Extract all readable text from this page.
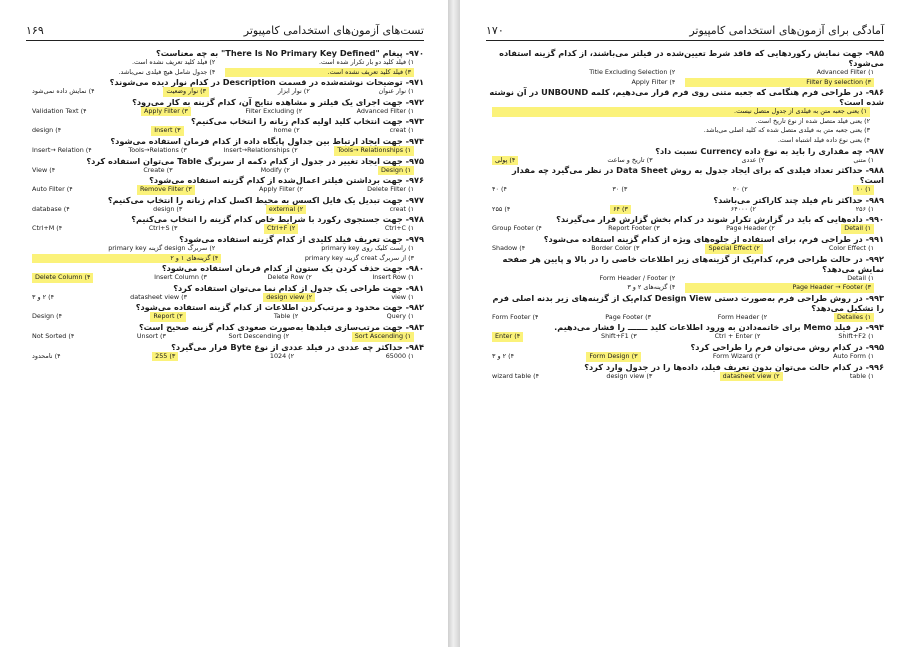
۱۶۹	تست‌های آزمون‌های استخدامی کامپیوتر

۹۷۰- پیغام "There Is No Primary Key Defined" به چه معناست؟

۱) فیلد کلید دو بار تکرار شده است.
۲) فیلد کلید تعریف نشده است.
۳) فیلد کلید تعریف نشده است.
۴) جدول شامل هیچ فیلدی نمی‌باشد.

۹۷۱- توضیحات نوشته‌شده در قسمت Description در کدام نوار دیده می‌شوند؟

۱) نوار عنوان
۲) نوار ابزار
۳) نوار وضعیت
۴) نمایش داده نمی‌شود

۹۷۲- جهت اجرای یک فیلتر و مشاهده نتایج آن، کدام گزینه به کار می‌رود؟

۱) Advanced Filter
۲) Filter Excluding
۳) Apply Filter
۴) Validation Text

۹۷۳- جهت انتخاب کلید اولیه کدام زبانه را انتخاب می‌کنیم؟

۱) creat
۲) home
۳) Insert
۴) design

۹۷۴- جهت ایجاد ارتباط بین جداول پایگاه داده از کدام فرمان استفاده می‌شود؟

۱) Tools→ Relationships
۲) Insert→Relationships
۳) Tools→Relations
۴) Insert→ Relation

۹۷۵- جهت ایجاد تغییر در جدول از کدام دکمه از سربرگ Table می‌توان استفاده کرد؟

۱) Design
۲) Modify
۳) Create
۴) View

۹۷۶- جهت برداشتن فیلتر اعمال‌شده از کدام گزینه استفاده می‌شود؟

۱) Delete Filter
۲) Apply Filter
۳) Remove Filter
۴) Auto Filter

۹۷۷- جهت تبدیل یک فایل اکسس به محیط اکسل کدام زبانه را انتخاب می‌کنیم؟

۱) creat
۲) external
۳) design
۴) database

۹۷۸- جهت جستجوی رکورد با شرایط خاص کدام گزینه را انتخاب می‌کنیم؟

۱) Ctrl+C
۲) Ctrl+F
۳) Ctrl+S
۴) Ctrl+M

۹۷۹- جهت تعریف فیلد کلیدی از کدام گزینه استفاده می‌شود؟

۱) راست کلیک روی primary key
۲) سربرگ design گزینه primary key
۳) از سربرگ creat گزینه primary key
۴) گزینه‌های ۱ و ۲

۹۸۰- جهت حذف کردن یک ستون از کدام فرمان استفاده می‌شود؟

۱) Insert Row
۲) Delete Row
۳) Insert Column
۴) Delete Column

۹۸۱- جهت طراحی یک جدول از کدام نما می‌توان استفاده کرد؟

۱) view
۲) design view
۳) datasheet view
۴) ۲ و ۳

۹۸۲- جهت محدود و مرتب‌کردن اطلاعات از کدام گزینه استفاده می‌شود؟

۱) Query
۲) Table
۳) Report
۴) Design

۹۸۳- جهت مرتب‌سازی فیلدها به‌صورت صعودی کدام گزینه صحیح است؟

۱) Sort Ascending
۲) Sort Descending
۳) Unsort
۴) Not Sorted

۹۸۴- حداکثر چه عددی در فیلد عددی از نوع Byte قرار می‌گیرد؟

۱) 65000
۲) 1024
۳) 255
۴) نامحدود
۱۷۰	آمادگی برای آزمون‌های استخدامی کامپیوتر

۹۸۵- جهت نمایش رکوردهایی که فاقد شرط تعیین‌شده در فیلتر می‌باشند، از کدام گزینه استفاده می‌شود؟

۱) Advanced Filter
۲) Title Excluding Selection
۳) Filter By selection
۴) Apply Filter

۹۸۶- در طراحی فرم هنگامی که جعبه متنی روی فرم قرار می‌دهیم، کلمه UNBOUND در آن نوشته شده است؟

۱) یعنی جعبه متن به فیلدی از جدول متصل نیست.
۲) یعنی فیلد متصل شده از نوع تاریخ است.
۳) یعنی جعبه متن به فیلدی متصل شده که کلید اصلی می‌باشد.
۴) یعنی نوع داده فیلد اشتباه است.

۹۸۷- چه مقداری را باید به نوع داده Currency نسبت داد؟

۱) متنی
۲) عددی
۳) تاریخ و ساعت
۴) پولی

۹۸۸- حداکثر تعداد فیلدی که برای ایجاد جدول به روش Data Sheet در نظر می‌گیرد چه مقدار است؟

۱) ۱۰
۲) ۲۰
۳) ۳۰
۴) ۴۰

۹۸۹- حداکثر نام فیلد چند کاراکتر می‌باشد؟

۱) ۲۵۶
۲) ۶۴۰۰۰
۳) ۶۴
۴) ۲۵۵

۹۹۰- داده‌هایی که باید در گزارش تکرار شوند در کدام بخش گزارش قرار می‌گیرند؟

۱) Detail
۲) Page Header
۳) Report Footer
۴) Group Footer

۹۹۱- در طراحی فرم، برای استفاده از جلوه‌های ویژه از کدام گزینه استفاده می‌شود؟

۱) Color Effect
۲) Special Effect
۳) Border Color
۴) Shadow

۹۹۲- در حالت طراحی فرم، کدام‌یک از گزینه‌های زیر اطلاعات خاصی را در بالا و پایین هر صفحه نمایش می‌دهد؟

۱) Detail
۲) Form Header / Footer
۳) Page Header → Footer
۴) گزینه‌های ۲ و ۳

۹۹۳- در روش طراحی فرم به‌صورت دستی Design View کدام‌یک از گزینه‌های زیر بدنه اصلی فرم را تشکیل می‌دهد؟

۱) Detailes
۲) Form Header
۳) Page Footer
۴) Form Footer

۹۹۴- در فیلد Memo برای خاتمه‌دادن به ورود اطلاعات کلید ـــــــ را فشار می‌دهیم.

۱) Shift+F2
۲) Ctrl + Enter
۳) Shift+F1
۴) Enter

۹۹۵- در کدام روش می‌توان فرم را طراحی کرد؟

۱) Auto Form
۲) Form Wizard
۳) Form Design
۴) ۲ و ۳

۹۹۶- در کدام حالت می‌توان بدون تعریف فیلد، داده‌ها را در جدول وارد کرد؟

۱) table
۲) datasheet view
۳) design view
۴) wizard table
